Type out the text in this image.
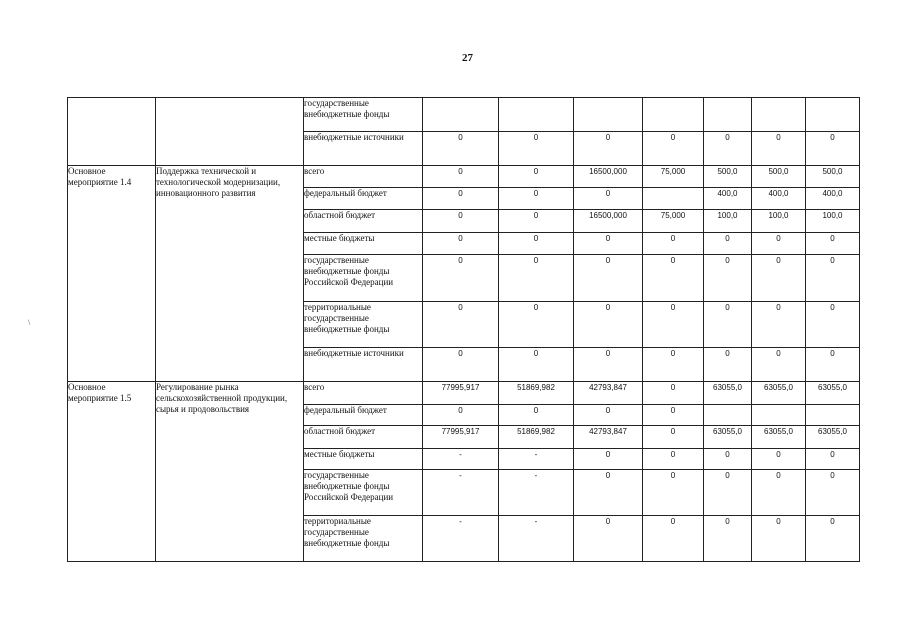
27
\
		государственные внебюджетные фонды							
		внебюджетные источники	0	0	0	0	0	0	0
Основное мероприятие 1.4	Поддержка технической и технологической модернизации, инновационного развития	всего	0	0	16500,000	75,000	500,0	500,0	500,0
		федеральный бюджет	0	0	0		400,0	400,0	400,0
		областной бюджет	0	0	16500,000	75,000	100,0	100,0	100,0
		местные бюджеты	0	0	0	0	0	0	0
		государственные внебюджетные фонды Российской Федерации	0	0	0	0	0	0	0
		территориальные государственные внебюджетные фонды	0	0	0	0	0	0	0
		внебюджетные источники	0	0	0	0	0	0	0
Основное мероприятие 1.5	Регулирование рынка сельскохозяйственной продукции, сырья и продовольствия	всего	77995,917	51869,982	42793,847	0	63055,0	63055,0	63055,0
		федеральный бюджет	0	0	0	0			
		областной бюджет	77995,917	51869,982	42793,847	0	63055,0	63055,0	63055,0
		местные бюджеты	-	-	0	0	0	0	0
		государственные внебюджетные фонды Российской Федерации	-	-	0	0	0	0	0
		территориальные государственные внебюджетные фонды	-	-	0	0	0	0	0
